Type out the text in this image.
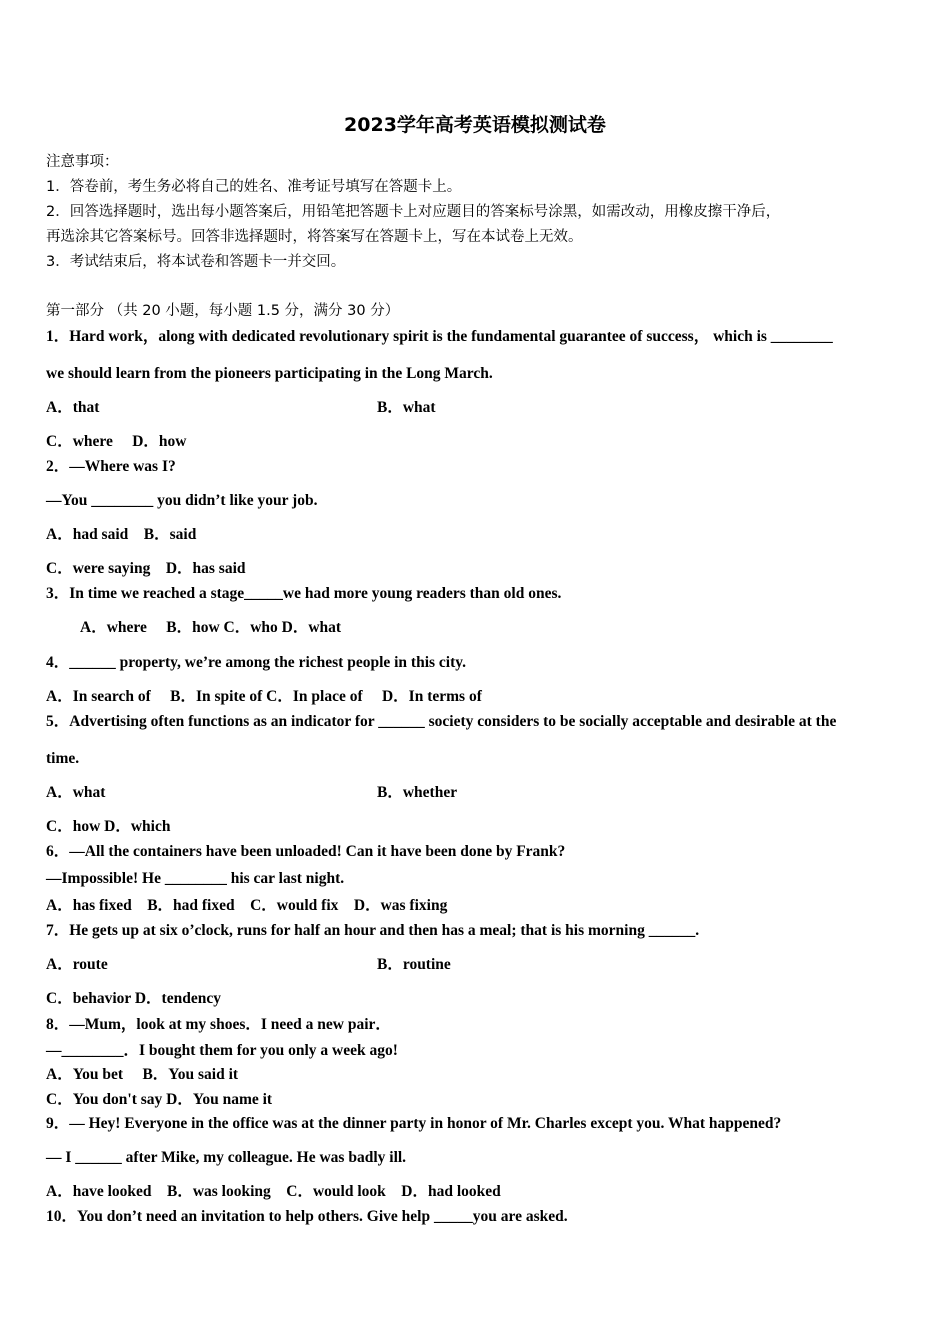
2023学年高考英语模拟测试卷
注意事项：
1．答卷前，考生务必将自己的姓名、准考证号填写在答题卡上。
2．回答选择题时，选出每小题答案后，用铅笔把答题卡上对应题目的答案标号涂黑，如需改动，用橡皮擦干净后，
再选涂其它答案标号。回答非选择题时，将答案写在答题卡上，写在本试卷上无效。
3．考试结束后，将本试卷和答题卡一并交回。
第一部分 （共 20 小题，每小题 1.5 分，满分 30 分）
1．Hard work，along with dedicated revolutionary spirit is the fundamental guarantee of success， which is ________
we should learn from the pioneers participating in the Long March.
A．that	B．what
C．where　 D．how
2．—Where was I?
—You ________ you didn’t like your job.
A．had said　B．said
C．were saying　D．has said
3．In time we reached a stage_____we had more young readers than old ones.
A．where　 B．how C．who D．what
4．______ property, we’re among the richest people in this city.
A．In search of　 B．In spite of C．In place of　 D．In terms of
5．Advertising often functions as an indicator for ______ society considers to be socially acceptable and desirable at the
time.
A．what	B．whether
C．how D．which
6．—All the containers have been unloaded! Can it have been done by Frank?
—Impossible! He ________ his car last night.
A．has fixed　B．had fixed　C．would fix　D．was fixing
7．He gets up at six o’clock, runs for half an hour and then has a meal; that is his morning ______.
A．route	B．routine
C．behavior D．tendency
8．—Mum，look at my shoes．I need a new pair．
—________．I bought them for you only a week ago!
A．You bet　 B．You said it
C．You don't say D．You name it
9．— Hey! Everyone in the office was at the dinner party in honor of Mr. Charles except you. What happened?
— I ______ after Mike, my colleague. He was badly ill.
A．have looked　B．was looking　C．would look　D．had looked
10．You don’t need an invitation to help others. Give help _____you are asked.
